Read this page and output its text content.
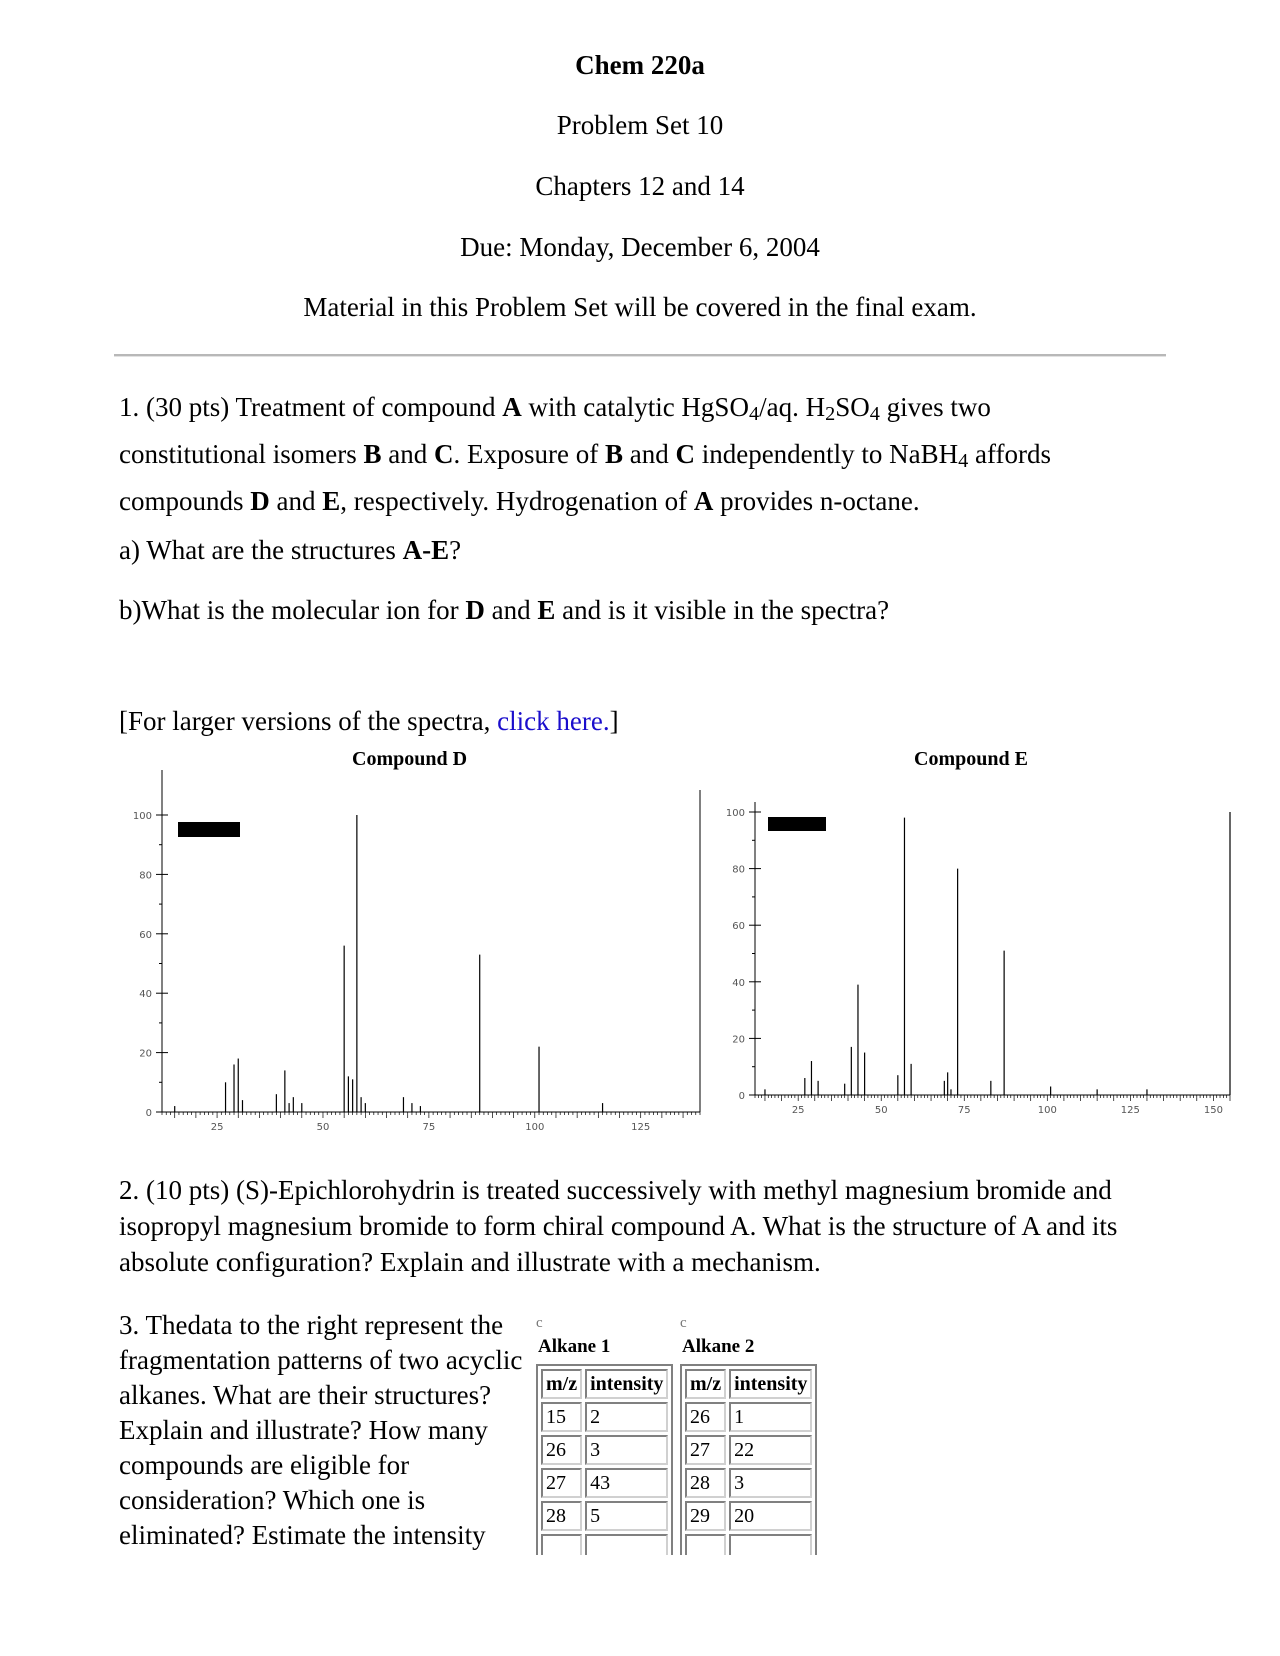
Chem 220a
Problem Set 10
Chapters 12 and 14
Due: Monday, December 6, 2004
Material in this Problem Set will be covered in the final exam.
1. (30 pts) Treatment of compound A with catalytic HgSO$_4$/aq. $H_2SO_4$ gives two
constitutional isomers B and C. Exposure of B and C independently to NaBH$_4$ affords
compounds D and E, respectively. Hydrogenation of A provides n-octane.
a) What are the structures A-E?
b)What is the molecular ion for D and E and is it visible in the spectra?
[For larger versions of the spectra, click here.]
Compound D	Compound E
100
80
60
40
20
0
25	50	75	100	125
100
80
60
40
20
0
25	50	75	100	125	150
2. (10 pts) (S)-Epichlorohydrin is treated successively with methyl magnesium bromide and isopropyl magnesium bromide to form chiral compound A. What is the structure of A and its absolute configuration? Explain and illustrate with a mechanism.
3. Thedata to the right represent the fragmentation patterns of two acyclic alkanes. What are their structures? Explain and illustrate? How many compounds are eligible for consideration? Which one is eliminated? Estimate the intensity
c
Alkane 1
m/z	intensity
15	2
26	3
27	43
28	5

c
Alkane 2
m/z	intensity
26	1
27	22
28	3
29	20
